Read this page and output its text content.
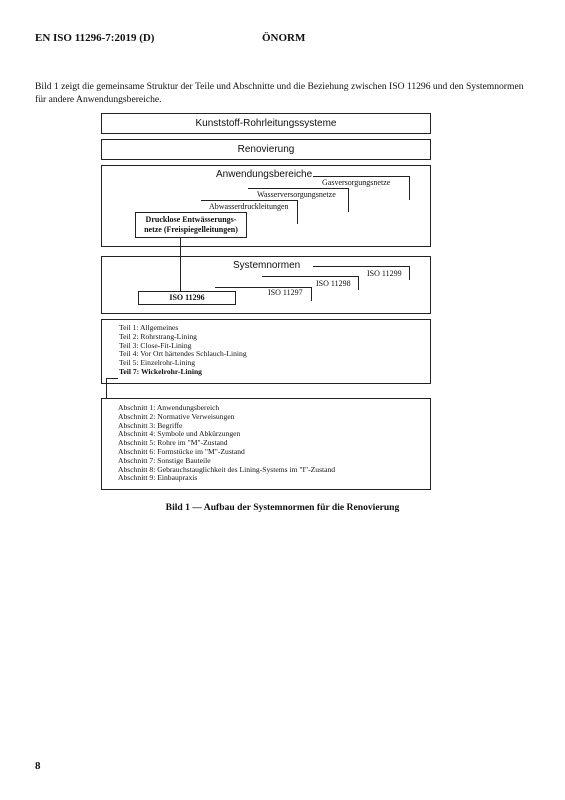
EN ISO 11296-7:2019 (D)	ÖNORM
Bild 1 zeigt die gemeinsame Struktur der Teile und Abschnitte und die Beziehung zwischen ISO 11296 und den Systemnormen für andere Anwendungsbereiche.
Kunststoff-Rohrleitungssysteme
Renovierung
Anwendungsbereiche
Gasversorgungsnetze
Wasserversorgungsnetze
Abwasserdruckleitungen
Drucklose Entwässerungs-
netze (Freispiegelleitungen)
Systemnormen
ISO 11299
ISO 11298
ISO 11297
ISO 11296
Teil 1: Allgemeines
Teil 2: Rohrstrang-Lining
Teil 3: Close-Fit-Lining
Teil 4: Vor Ort härtendes Schlauch-Lining
Teil 5: Einzelrohr-Lining
Teil 7: Wickelrohr-Lining
Abschnitt 1: Anwendungsbereich
Abschnitt 2: Normative Verweisungen
Abschnitt 3: Begriffe
Abschnitt 4: Symbole und Abkürzungen
Abschnitt 5: Rohre im "M"-Zustand
Abschnitt 6: Formstücke im "M"-Zustand
Abschnitt 7: Sonstige Bauteile
Abschnitt 8: Gebrauchstauglichkeit des Lining-Systems im "I"-Zustand
Abschnitt 9: Einbaupraxis
Bild 1 — Aufbau der Systemnormen für die Renovierung
8
